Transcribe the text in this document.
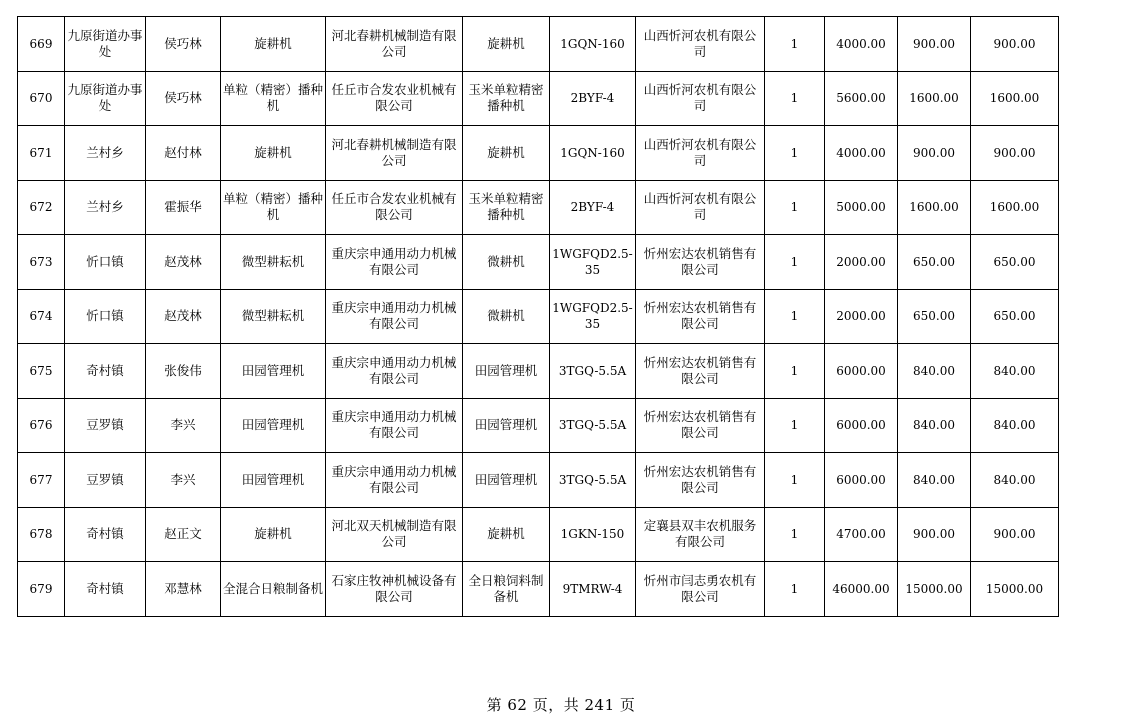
669	九原街道办事处	侯巧林	旋耕机	河北春耕机械制造有限公司	旋耕机	1GQN-160	山西忻河农机有限公司	1	4000.00	900.00	900.00
670	九原街道办事处	侯巧林	单粒（精密）播种机	任丘市合发农业机械有限公司	玉米单粒精密播种机	2BYF-4	山西忻河农机有限公司	1	5600.00	1600.00	1600.00
671	兰村乡	赵付林	旋耕机	河北春耕机械制造有限公司	旋耕机	1GQN-160	山西忻河农机有限公司	1	4000.00	900.00	900.00
672	兰村乡	霍振华	单粒（精密）播种机	任丘市合发农业机械有限公司	玉米单粒精密播种机	2BYF-4	山西忻河农机有限公司	1	5000.00	1600.00	1600.00
673	忻口镇	赵茂林	微型耕耘机	重庆宗申通用动力机械有限公司	微耕机	1WGFQD2.5-35	忻州宏达农机销售有限公司	1	2000.00	650.00	650.00
674	忻口镇	赵茂林	微型耕耘机	重庆宗申通用动力机械有限公司	微耕机	1WGFQD2.5-35	忻州宏达农机销售有限公司	1	2000.00	650.00	650.00
675	奇村镇	张俊伟	田园管理机	重庆宗申通用动力机械有限公司	田园管理机	3TGQ-5.5A	忻州宏达农机销售有限公司	1	6000.00	840.00	840.00
676	豆罗镇	李兴	田园管理机	重庆宗申通用动力机械有限公司	田园管理机	3TGQ-5.5A	忻州宏达农机销售有限公司	1	6000.00	840.00	840.00
677	豆罗镇	李兴	田园管理机	重庆宗申通用动力机械有限公司	田园管理机	3TGQ-5.5A	忻州宏达农机销售有限公司	1	6000.00	840.00	840.00
678	奇村镇	赵正文	旋耕机	河北双天机械制造有限公司	旋耕机	1GKN-150	定襄县双丰农机服务有限公司	1	4700.00	900.00	900.00
679	奇村镇	邓慧林	全混合日粮制备机	石家庄牧神机械设备有限公司	全日粮饲料制备机	9TMRW-4	忻州市闫志勇农机有限公司	1	46000.00	15000.00	15000.00
第 62 页，共 241 页
